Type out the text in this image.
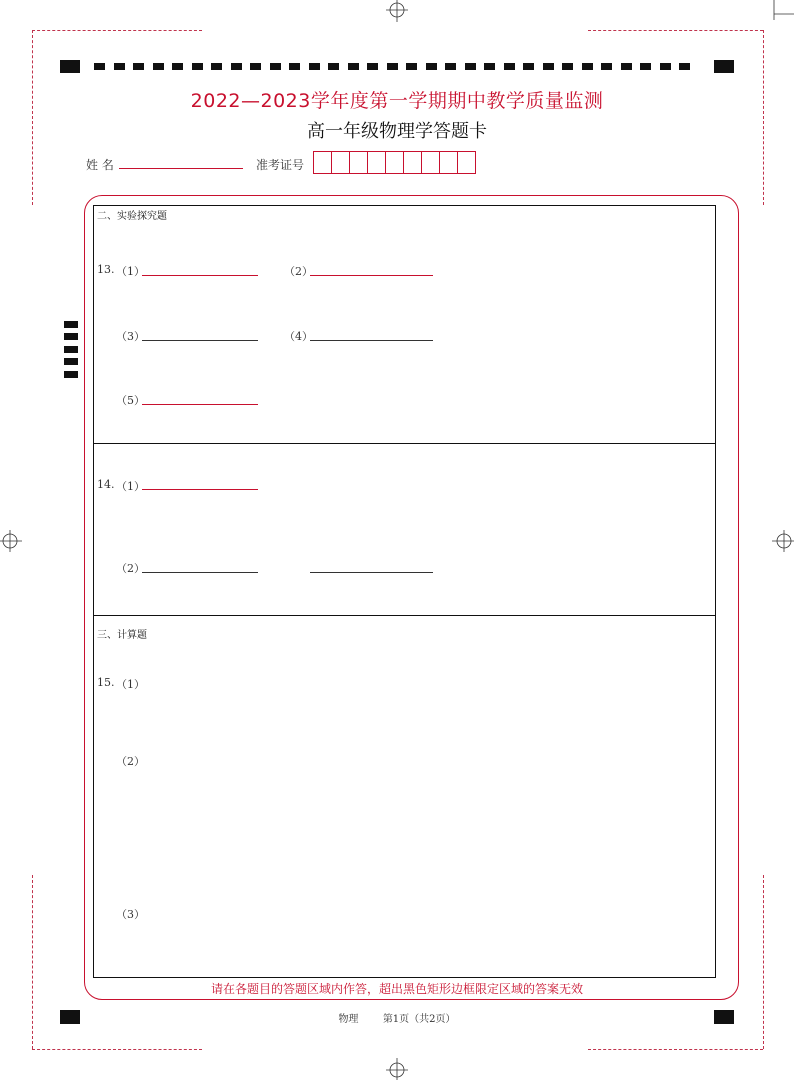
2022—2023学年度第一学期期中教学质量监测
高一年级物理学答题卡
姓 名	准考证号
二、实验探究题
13. （1）	（2）
（3）	（4）
（5）
14. （1）
（2）
三、计算题
15. （1）
（2）
（3）
请在各题目的答题区域内作答，超出黑色矩形边框限定区域的答案无效
物理 第1页（共2页）
